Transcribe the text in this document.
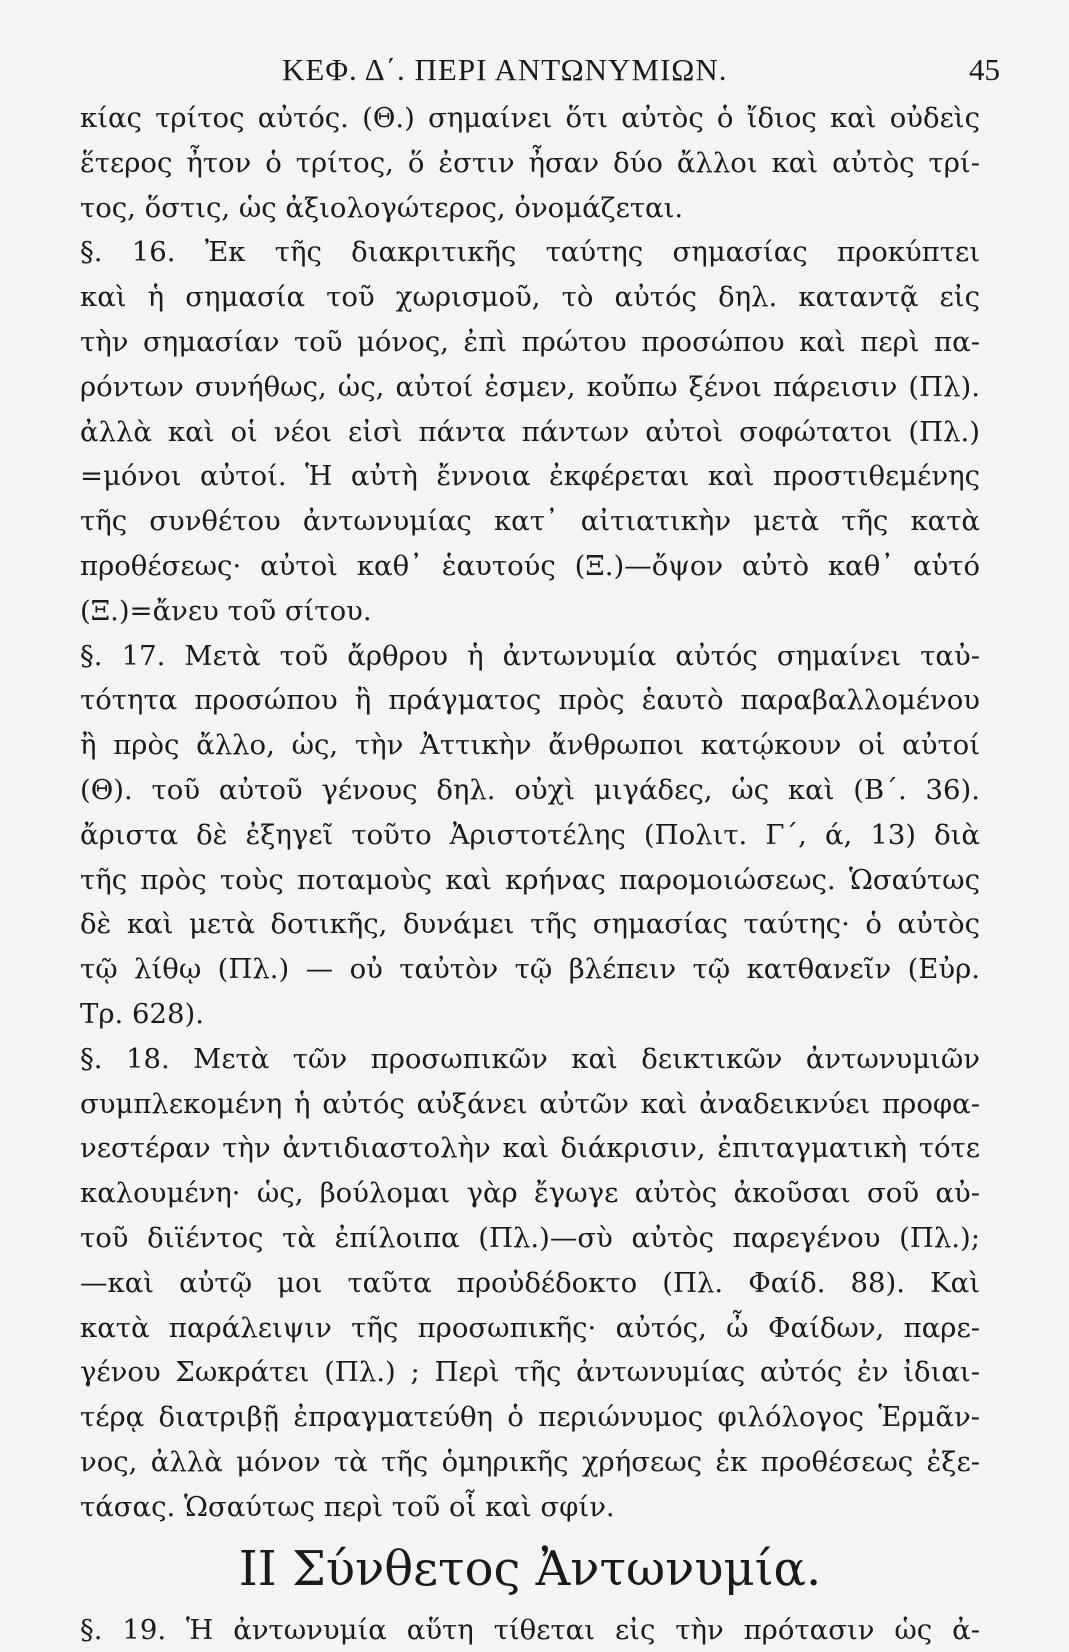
ΚΕΦ. Δ΄. ΠΕΡΙ ΑΝΤΩΝΥΜΙΩΝ.	45
κίας τρίτος αὐτός. (Θ.) σημαίνει ὅτι αὐτὸς ὁ ἴδιος καὶ οὐδεὶς
ἕτερος ἦτον ὁ τρίτος, ὅ ἐστιν ἦσαν δύο ἄλλοι καὶ αὐτὸς τρί-
τος, ὅστις, ὡς ἀξιολογώτερος, ὀνομάζεται.
§. 16. Ἐκ τῆς διακριτικῆς ταύτης σημασίας προκύπτει
καὶ ἡ σημασία τοῦ χωρισμοῦ, τὸ αὐτός δηλ. καταντᾷ εἰς
τὴν σημασίαν τοῦ μόνος, ἐπὶ πρώτου προσώπου καὶ περὶ πα-
ρόντων συνήθως, ὡς, αὐτοί ἐσμεν, κοὔπω ξένοι πάρεισιν (Πλ).
ἀλλὰ καὶ οἱ νέοι εἰσὶ πάντα πάντων αὐτοὶ σοφώτατοι (Πλ.)
=μόνοι αὐτοί. Ἡ αὐτὴ ἔννοια ἐκφέρεται καὶ προστιθεμένης
τῆς συνθέτου ἀντωνυμίας κατ᾽ αἰτιατικὴν μετὰ τῆς κατὰ
προθέσεως· αὐτοὶ καθ᾽ ἑαυτούς (Ξ.)—ὄψον αὐτὸ καθ᾽ αὑτό
(Ξ.)=ἄνευ τοῦ σίτου.
§. 17. Μετὰ τοῦ ἄρθρου ἡ ἀντωνυμία αὐτός σημαίνει ταὐ-
τότητα προσώπου ἢ πράγματος πρὸς ἑαυτὸ παραβαλλομένου
ἢ πρὸς ἄλλο, ὡς, τὴν Ἀττικὴν ἄνθρωποι κατῴκουν οἱ αὐτοί
(Θ). τοῦ αὐτοῦ γένους δηλ. οὐχὶ μιγάδες, ὡς καὶ (Β΄. 36).
ἄριστα δὲ ἐξηγεῖ τοῦτο Ἀριστοτέλης (Πολιτ. Γ΄, ά, 13) διὰ
τῆς πρὸς τοὺς ποταμοὺς καὶ κρήνας παρομοιώσεως. Ὡσαύτως
δὲ καὶ μετὰ δοτικῆς, δυνάμει τῆς σημασίας ταύτης· ὁ αὐτὸς
τῷ λίθῳ (Πλ.) — οὐ ταὐτὸν τῷ βλέπειν τῷ κατθανεῖν (Εὐρ.
Τρ. 628).
§. 18. Μετὰ τῶν προσωπικῶν καὶ δεικτικῶν ἀντωνυμιῶν
συμπλεκομένη ἡ αὐτός αὐξάνει αὐτῶν καὶ ἀναδεικνύει προφα-
νεστέραν τὴν ἀντιδιαστολὴν καὶ διάκρισιν, ἐπιταγματικὴ τότε
καλουμένη· ὡς, βούλομαι γὰρ ἔγωγε αὐτὸς ἀκοῦσαι σοῦ αὐ-
τοῦ διϊέντος τὰ ἐπίλοιπα (Πλ.)—σὺ αὐτὸς παρεγένου (Πλ.);
—καὶ αὐτῷ μοι ταῦτα προὐδέδοκτο (Πλ. Φαίδ. 88). Καὶ
κατὰ παράλειψιν τῆς προσωπικῆς· αὐτός, ὦ Φαίδων, παρε-
γένου Σωκράτει (Πλ.) ; Περὶ τῆς ἀντωνυμίας αὐτός ἐν ἰδιαι-
τέρᾳ διατριβῇ ἐπραγματεύθη ὁ περιώνυμος φιλόλογος Ἑρμᾶν-
νος, ἀλλὰ μόνον τὰ τῆς ὁμηρικῆς χρήσεως ἐκ προθέσεως ἐξε-
τάσας. Ὡσαύτως περὶ τοῦ οἷ καὶ σφίν.
ΙΙ Σύνθετος Ἀντωνυμία.
§. 19. Ἡ ἀντωνυμία αὕτη τίθεται εἰς τὴν πρότασιν ὡς ἀ-
